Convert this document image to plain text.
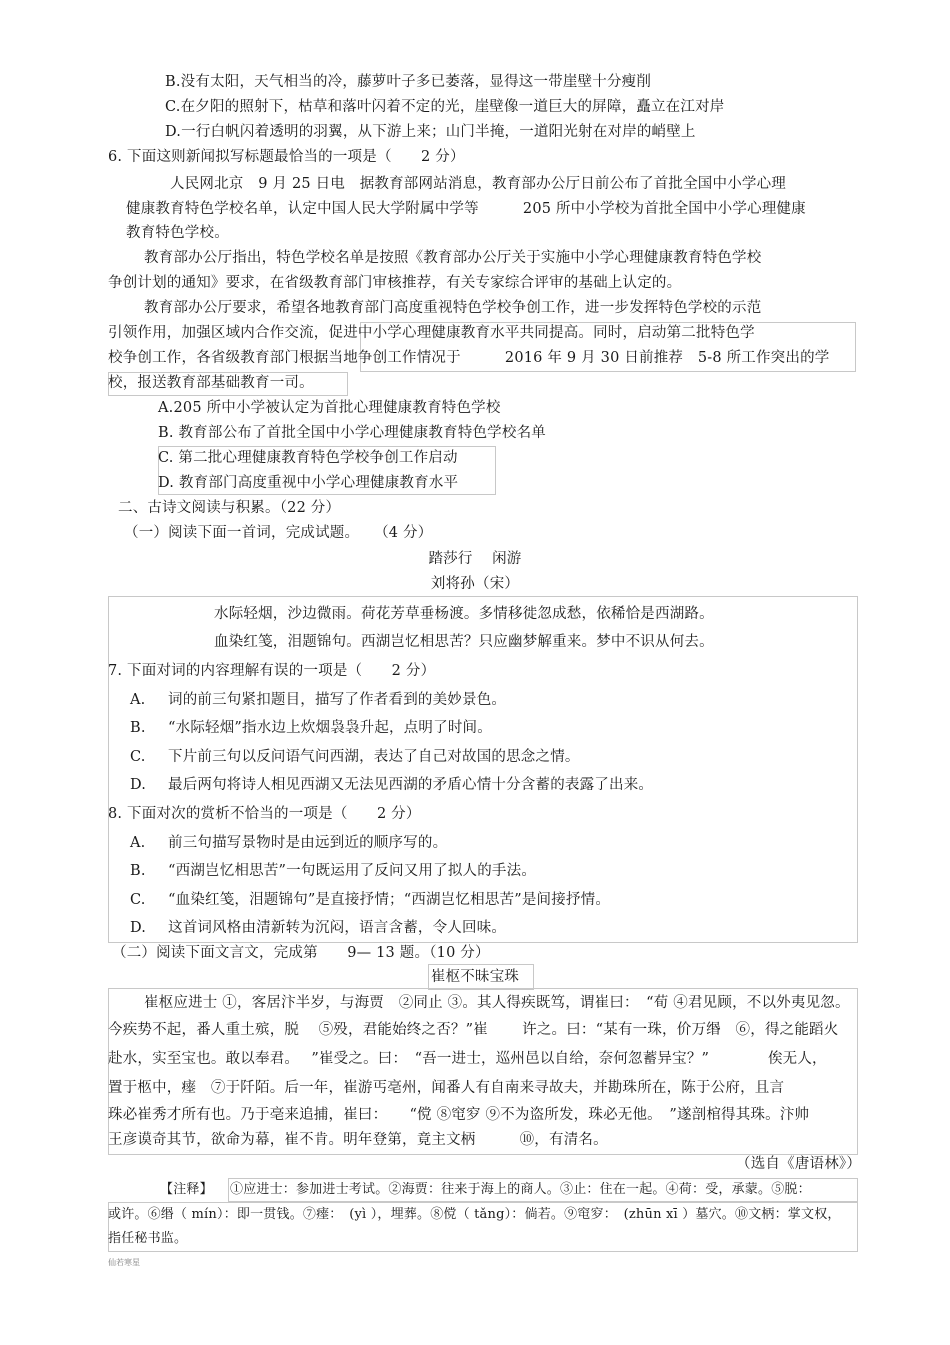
B.没有太阳，天气相当的冷，藤萝叶子多已萎落，显得这一带崖壁十分瘦削
C.在夕阳的照射下，枯草和落叶闪着不定的光，崖壁像一道巨大的屏障，矗立在江对岸
D.一行白帆闪着透明的羽翼，从下游上来；山门半掩，一道阳光射在对岸的峭壁上
6. 下面这则新闻拟写标题最恰当的一项是（　　2 分）
人民网北京　9 月 25 日电　据教育部网站消息，教育部办公厅日前公布了首批全国中小学心理
健康教育特色学校名单，认定中国人民大学附属中学等　　　205 所中小学校为首批全国中小学心理健康
教育特色学校。
教育部办公厅指出，特色学校名单是按照《教育部办公厅关于实施中小学心理健康教育特色学校
争创计划的通知》要求，在省级教育部门审核推荐，有关专家综合评审的基础上认定的。
教育部办公厅要求，希望各地教育部门高度重视特色学校争创工作，进一步发挥特色学校的示范
引领作用，加强区域内合作交流，促进中小学心理健康教育水平共同提高。同时，启动第二批特色学
校争创工作，各省级教育部门根据当地争创工作情况于　　　2016 年 9 月 30 日前推荐　5-8 所工作突出的学
校，报送教育部基础教育一司。
A.205 所中小学被认定为首批心理健康教育特色学校
B. 教育部公布了首批全国中小学心理健康教育特色学校名单
C. 第二批心理健康教育特色学校争创工作启动
D. 教育部门高度重视中小学心理健康教育水平
二、古诗文阅读与积累。（22 分）
（一）阅读下面一首词，完成试题。　　（4 分）
踏莎行　 闲游
刘将孙（宋）
水际轻烟，沙边微雨。荷花芳草垂杨渡。多情移徙忽成愁，依稀恰是西湖路。
血染红笺，泪题锦句。西湖岂忆相思苦？只应幽梦解重来。梦中不识从何去。
7. 下面对词的内容理解有误的一项是（　　2 分）
A. 词的前三句紧扣题目，描写了作者看到的美妙景色。
B. “水际轻烟”指水边上炊烟袅袅升起，点明了时间。
C. 下片前三句以反问语气问西湖，表达了自己对故国的思念之情。
D. 最后两句将诗人相见西湖又无法见西湖的矛盾心情十分含蓄的表露了出来。
8. 下面对次的赏析不恰当的一项是（　　2 分）
A. 前三句描写景物时是由远到近的顺序写的。
B. “西湖岂忆相思苦”一句既运用了反问又用了拟人的手法。
C. “血染红笺，泪题锦句”是直接抒情；“西湖岂忆相思苦”是间接抒情。
D. 这首词风格由清新转为沉闷，语言含蓄，令人回味。
（二）阅读下面文言文，完成第　　9— 13 题。（10 分）
崔枢不昧宝珠
崔枢应进士 ①，客居汴半岁，与海贾　②同止 ③。其人得疾既笃，谓崔曰：　“荀 ④君见顾，不以外夷见忽。
今疾势不起，番人重土殡，脱　 ⑤殁，君能始终之否？”崔　　 许之。曰：“某有一珠，价万缗　⑥，得之能蹈火
赴水，实至宝也。敢以奉君。　 ”崔受之。曰：　“吾一进士，巡州邑以自给，奈何忽蓄异宝？”　　　　俟无人，
置于柩中，瘗　⑦于阡陌。后一年，崔游丐亳州，闻番人有自南来寻故夫，并勘珠所在，陈于公府，且言
珠必崔秀才所有也。乃于亳来追捕，崔曰：　　“傥 ⑧窀穸 ⑨不为盗所发，珠必无他。　”遂剖棺得其珠。汴帅
王彦谟奇其节，欲命为幕，崔不肯。明年登第，竟主文柄　　　⑩，有清名。
（选自《唐语林》）
【注释】 ①应进士：参加进士考试。②海贾：往来于海上的商人。③止：住在一起。④荷：受，承蒙。⑤脱：
或许。⑥缗（ mín）：即一贯钱。⑦瘗：　(yì ），埋葬。⑧傥（ tǎng）：倘若。⑨窀穸：　(zhūn xī ）墓穴。⑩文柄：掌文权，
指任秘书监。
仙若寒星
